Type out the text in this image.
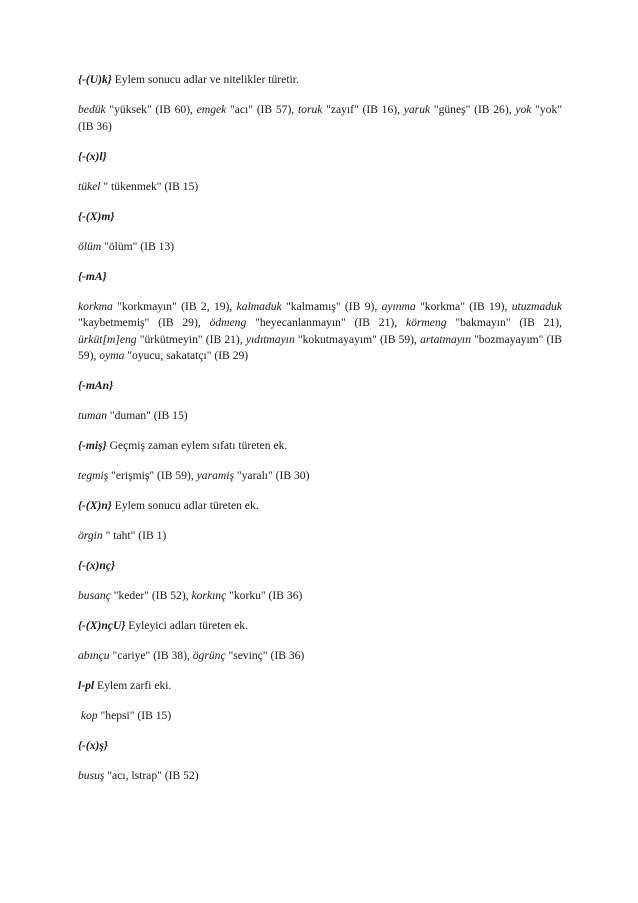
{-(U)k} Eylem sonucu adlar ve nitelikler türetir.

bedük "yüksek" (IB 60), emgek "acı" (IB 57), toruk "zayıf" (IB 16), yaruk "güneş" (IB 26), yok "yok" (IB 36)

{-(x)l}

tükel " tükenmek" (IB 15)

{-(X)m}

ölüm "ölüm" (IB 13)

{-mA}

korkma "korkmayın" (IB 2, 19), kalmaduk "kalmamış" (IB 9), ayınma "korkma" (IB 19), utuzmaduk "kaybetmemiş" (IB 29), ödmeng "heyecanlanmayın" (IB 21), körmeng "bakmayın" (IB 21), ürküt[m]eng "ürkütmeyin" (IB 21), yıdıtmayın "kokutmayayım" (IB 59), artatmayın "bozmayayım" (IB 59), oyma "oyucu, sakatatçı" (IB 29)

{-mAn}

tuman "duman" (IB 15)

{-miş} Geçmiş zaman eylem sıfatı türeten ek.

tegmiş "erişmiş" (IB 59), yaramiş "yaralı" (IB 30)

{-(X)n} Eylem sonucu adlar türeten ek.

örgin " taht" (IB 1)

{-(x)nç}

busanç "keder" (IB 52), korkınç "korku" (IB 36)

{-(X)nçU} Eyleyici adları türeten ek.

abınçu "cariye" (IB 38), ögrünç "sevinç" (IB 36)

l-pl Eylem zarfi eki.

kop "hepsi" (IB 15)

{-(x)ş}

busuş "acı, lstrap" (IB 52)
